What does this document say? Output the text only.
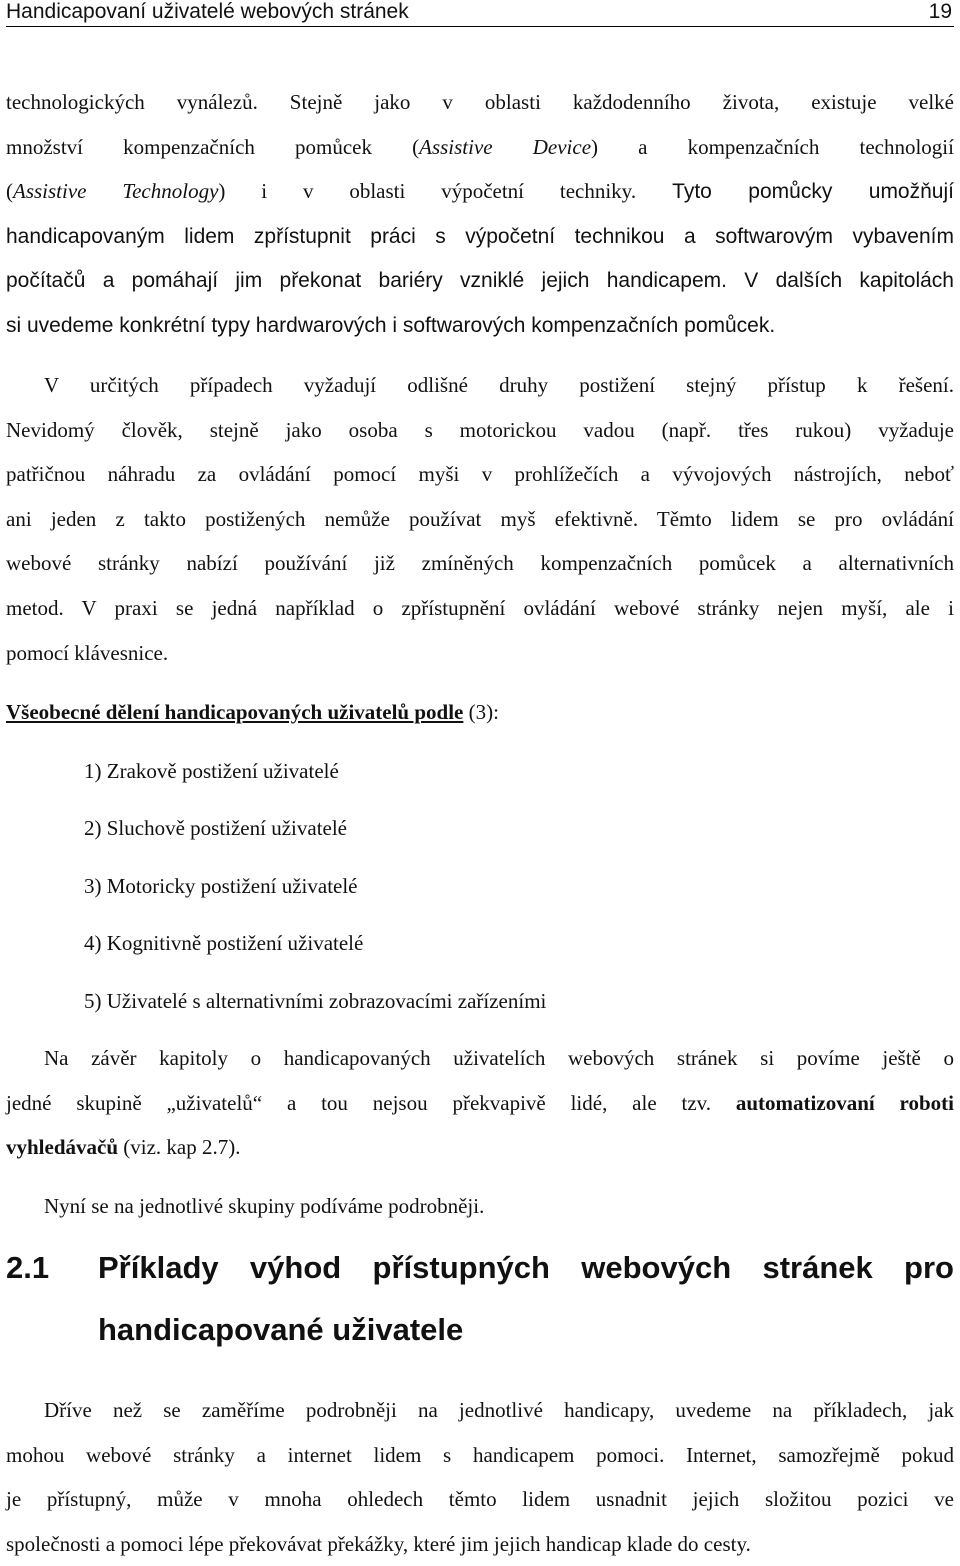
Handicapovaní uživatelé webových stránek	19
technologických vynálezů. Stejně jako v oblasti každodenního života, existuje velké
množství kompenzačních pomůcek (Assistive Device) a kompenzačních technologií
(Assistive Technology) i v oblasti výpočetní techniky. Tyto pomůcky umožňují
handicapovaným lidem zpřístupnit práci s výpočetní technikou a softwarovým vybavením
počítačů a pomáhají jim překonat bariéry vzniklé jejich handicapem. V dalších kapitolách
si uvedeme konkrétní typy hardwarových i softwarových kompenzačních pomůcek.
V určitých případech vyžadují odlišné druhy postižení stejný přístup k řešení.
Nevidomý člověk, stejně jako osoba s motorickou vadou (např. třes rukou) vyžaduje
patřičnou náhradu za ovládání pomocí myši v prohlížečích a vývojových nástrojích, neboť
ani jeden z takto postižených nemůže používat myš efektivně. Těmto lidem se pro ovládání
webové stránky nabízí používání již zmíněných kompenzačních pomůcek a alternativních
metod. V praxi se jedná například o zpřístupnění ovládání webové stránky nejen myší, ale i
pomocí klávesnice.
Všeobecné dělení handicapovaných uživatelů podle (3):
1) Zrakově postižení uživatelé
2) Sluchově postižení uživatelé
3) Motoricky postižení uživatelé
4) Kognitivně postižení uživatelé
5) Uživatelé s alternativními zobrazovacími zařízeními
Na závěr kapitoly o handicapovaných uživatelích webových stránek si povíme ještě o
jedné skupině „uživatelů“ a tou nejsou překvapivě lidé, ale tzv. automatizovaní roboti
vyhledávačů (viz. kap 2.7).
Nyní se na jednotlivé skupiny podíváme podrobněji.
2.1 Příklady výhod přístupných webových stránek pro
handicapované uživatele
Dříve než se zaměříme podrobněji na jednotlivé handicapy, uvedeme na příkladech, jak
mohou webové stránky a internet lidem s handicapem pomoci. Internet, samozřejmě pokud
je přístupný, může v mnoha ohledech těmto lidem usnadnit jejich složitou pozici ve
společnosti a pomoci lépe překovávat překážky, které jim jejich handicap klade do cesty.
